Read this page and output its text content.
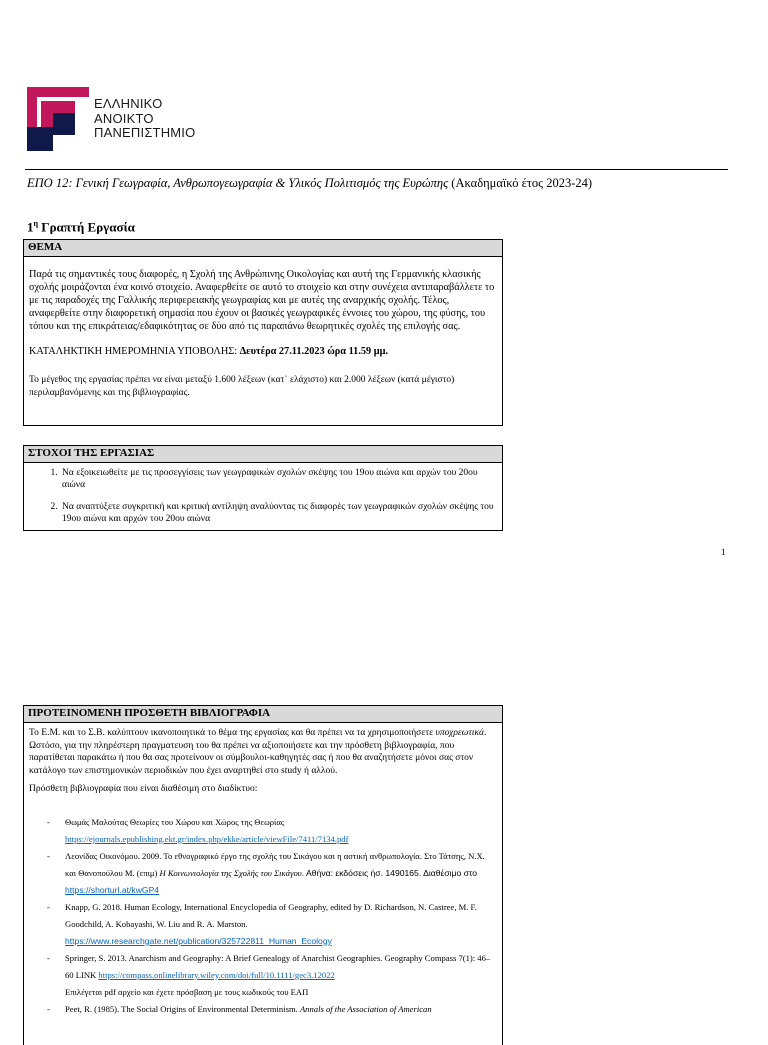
ΕΛΛΗΝΙΚΟ
ΑΝΟΙΚΤΟ
ΠΑΝΕΠΙΣΤΗΜΙΟ
ΕΠΟ 12: Γενική Γεωγραφία, Ανθρωπογεωγραφία & Υλικός Πολιτισμός της Ευρώπης (Ακαδημαϊκό έτος 2023-24)
$1^\eta$ Γραπτή Εργασία
ΘΕΜΑ

Παρά τις σημαντικές τους διαφορές, η Σχολή της Ανθρώπινης Οικολογίας και αυτή της Γερμανικής κλασικής σχολής μοιράζονται ένα κοινό στοιχείο. Αναφερθείτε σε αυτό το στοιχείο και στην συνέχεια αντιπαραβάλλετε το με τις παραδοχές της Γαλλικής περιφερειακής γεωγραφίας και με αυτές της αναρχικής σχολής. Τέλος, αναφερθείτε στην διαφορετική σημασία που έχουν οι βασικές γεωγραφικές έννοιες του χώρου, της φύσης, του τόπου και της επικράτειας/εδαφικότητας σε δύο από τις παραπάνω θεωρητικές σχολές της επιλογής σας.

ΚΑΤΑΛΗΚΤΙΚΗ ΗΜΕΡΟΜΗΝΙΑ ΥΠΟΒΟΛΗΣ: Δευτέρα 27.11.2023 ώρα 11.59 μμ.

Το μέγεθος της εργασίας πρέπει να είναι μεταξύ 1.600 λέξεων (κατ᾽ ελάχιστο) και 2.000 λέξεων (κατά μέγιστο) περιλαμβανόμενης και της βιβλιογραφίας.

ΣΤΟΧΟΙ ΤΗΣ ΕΡΓΑΣΙΑΣ
1. Να εξοικειωθείτε με τις προσεγγίσεις των γεωγραφικών σχολών σκέψης του 19ου αιώνα και αρχών του 20ου αιώνα
2. Να αναπτύξετε συγκριτική και κριτική αντίληψη αναλύοντας τις διαφορές των γεωγραφικών σχολών σκέψης του 19ου αιώνα και αρχών του 20ου αιώνα
1
ΠΡΟΤΕΙΝΟΜΕΝΗ ΠΡΟΣΘΕΤΗ ΒΙΒΛΙΟΓΡΑΦΙΑ

Το Ε.Μ. και το Σ.Β. καλύπτουν ικανοποιητικά το θέμα της εργασίας και θα πρέπει να τα χρησιμοποιήσετε υποχρεωτικά. Ωστόσο, για την πληρέστερη πραγματευση του θα πρέπει να αξιοποιήσετε και την πρόσθετη βιβλιογραφία, που παρατίθεται παρακάτω ή που θα σας προτείνουν οι σύμβουλοι-καθηγητές σας ή που θα αναζητήσετε μόνοι σας στον κατάλογο των επιστημονικών περιοδικών που έχει αναρτηθεί στο study ή αλλού.

Πρόσθετη βιβλιογραφία που είναι διαθέσιμη στο διαδίκτυο:

- Θωμάς Μαλούτας Θεωρίες του Χώρου και Χώρος της Θεωρίας
https://ejournals.epublishing.ekt.gr/index.php/ekke/article/viewFile/7411/7134.pdf
- Λεονίδας Οικονόμου. 2009. Το εθνογραφικό έργο της σχολής του Σικάγου και η αστική ανθρωπολογία. Στο Τάτσης, Ν.Χ. και Θανοπούλου Μ. (επιμ) Η Κοινωνιολογία της Σχολής του Σικάγου. Αθήνα: εκδόσεις ήσ. 1490165. Διαθέσιμο στο https://shorturl.at/kwGP4
- Knapp, G. 2018. Human Ecology, International Encyclopedia of Geography, edited by D. Richardson, N. Castree, M. F. Goodchild, A. Kobayashi, W. Liu and R. A. Marston.
https://www.researchgate.net/publication/325722811_Human_Ecology
- Springer, S. 2013. Anarchism and Geography: A Brief Genealogy of Anarchist Geographies. Geography Compass 7(1): 46–60 LINK https://compass.onlinelibrary.wiley.com/doi/full/10.1111/gec3.12022
Επιλέγεται pdf αρχείο και έχετε πρόσβαση με τους κωδικούς του ΕΑΠ
- Peet, R. (1985). The Social Origins of Environmental Determinism. Annals of the Association of American
